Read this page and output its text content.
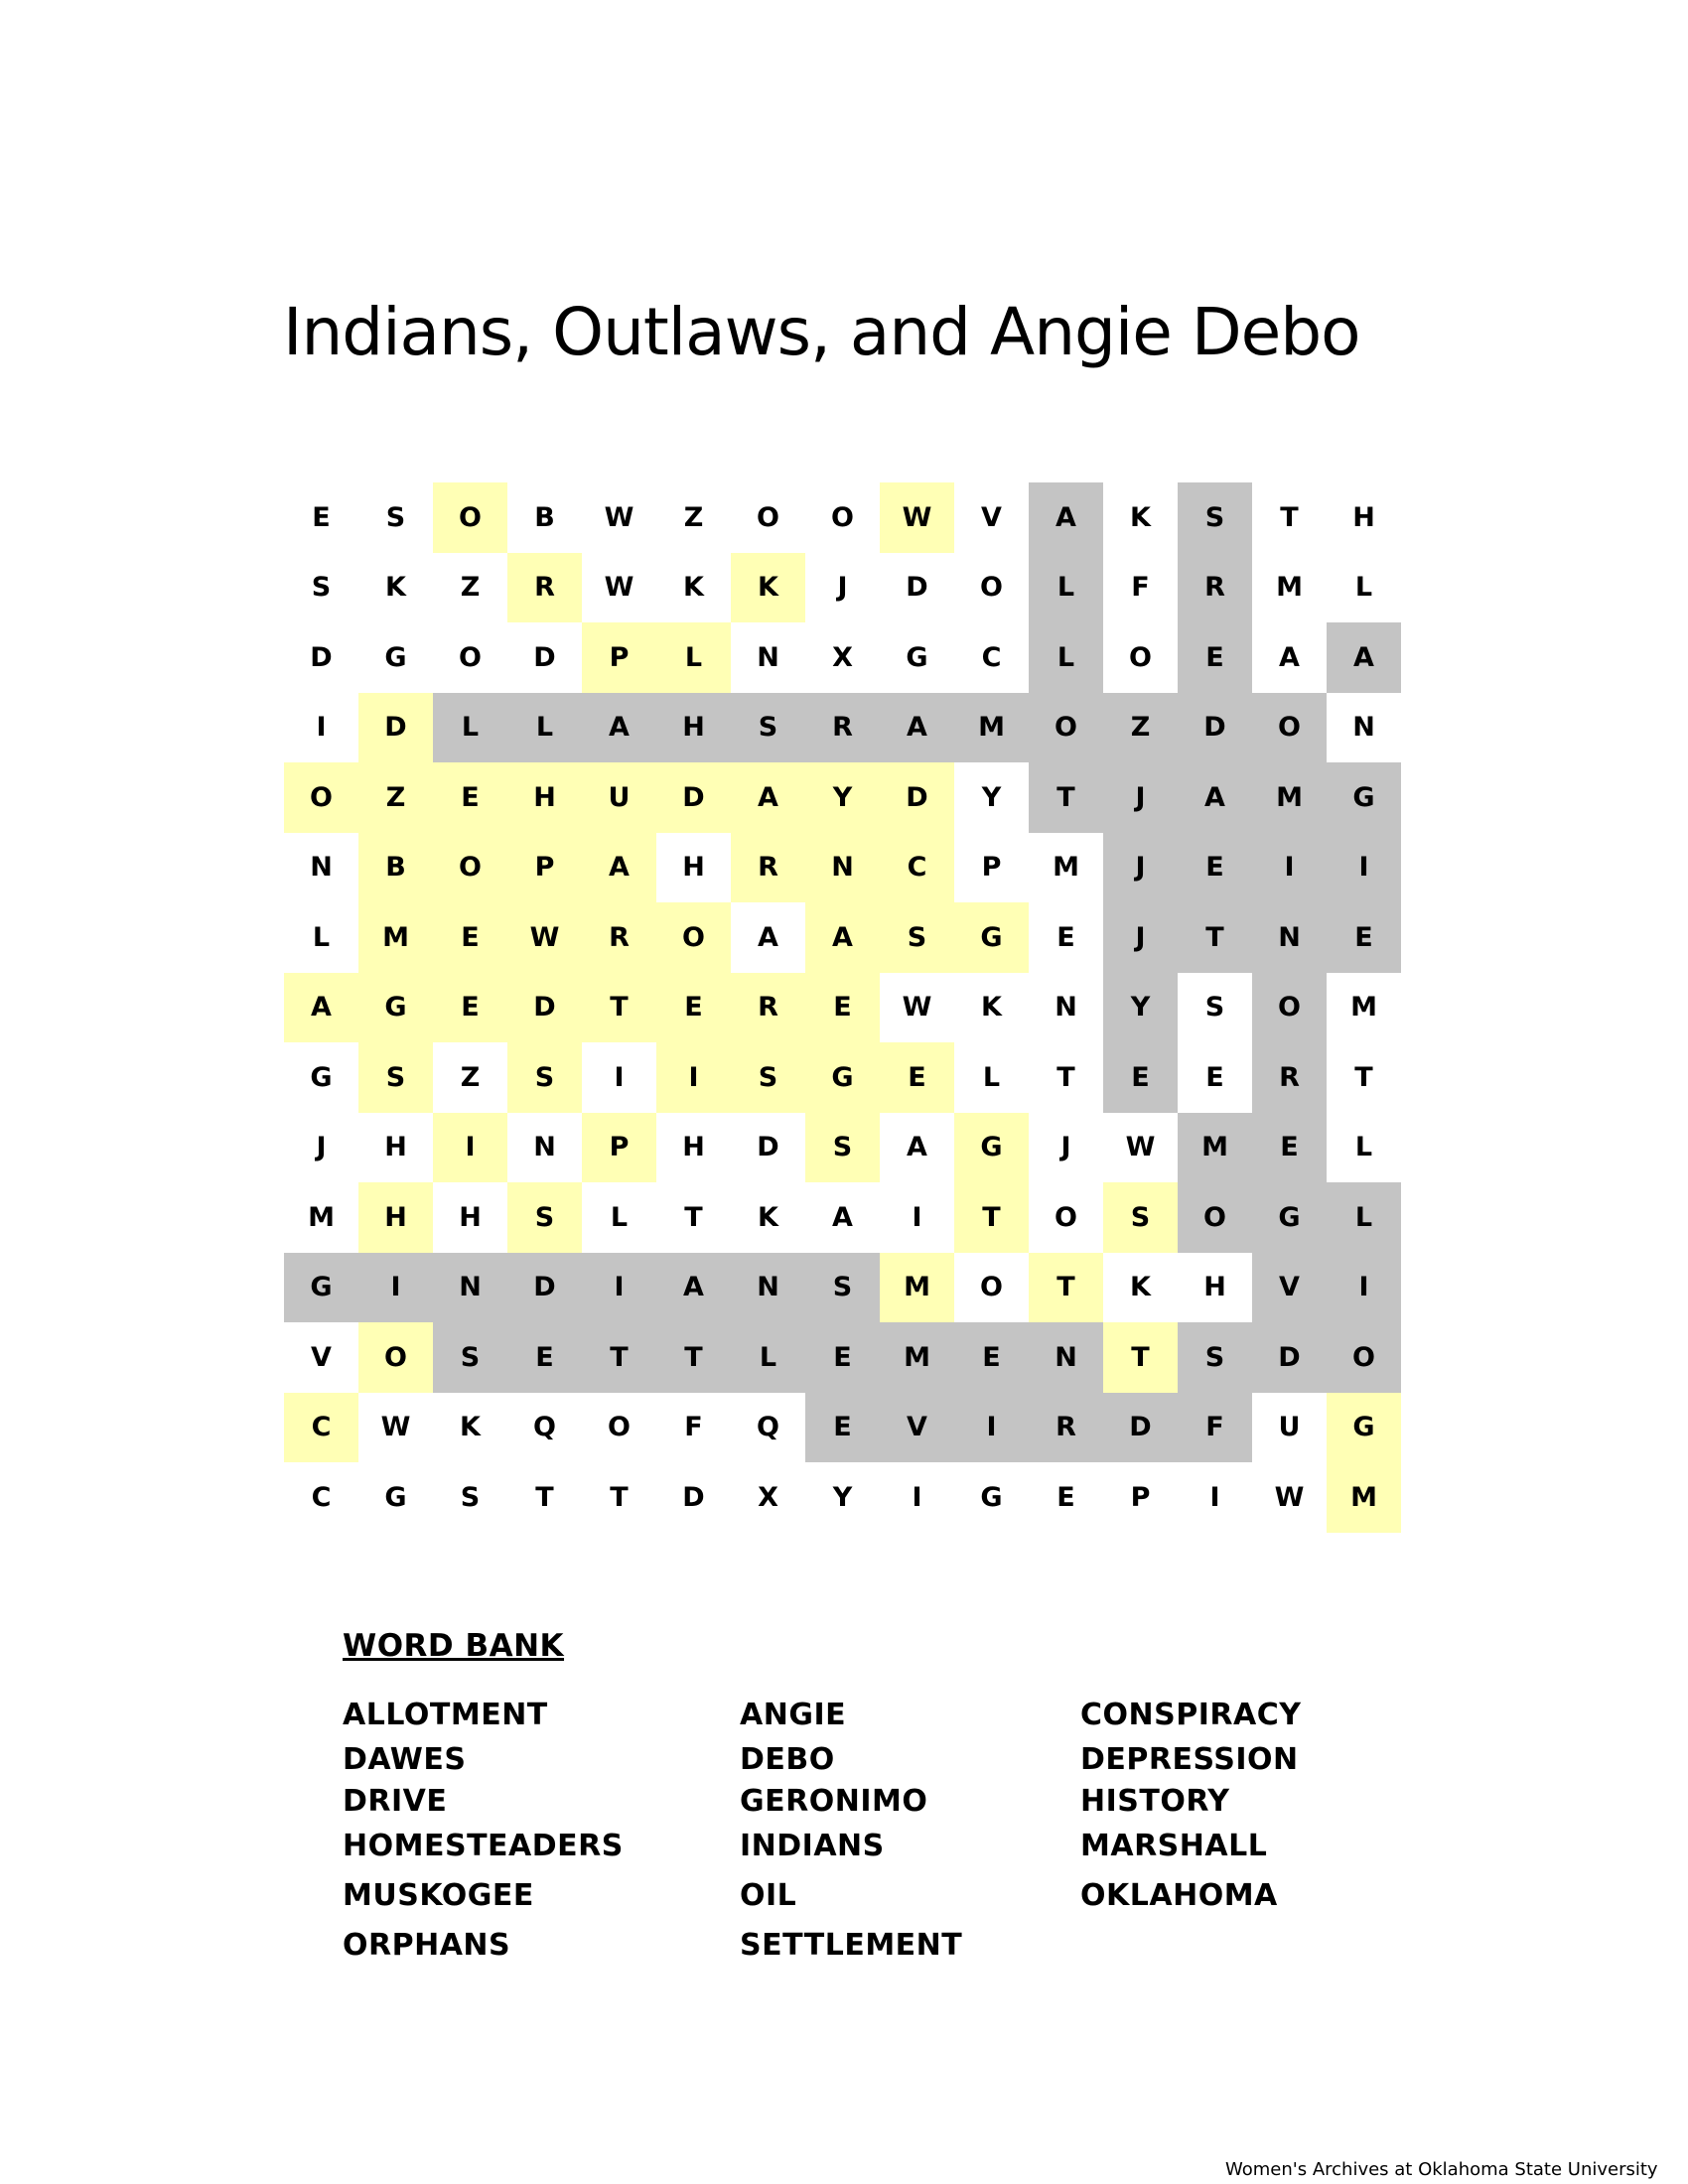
Indians, Outlaws, and Angie Debo
E	S	O	B	W	Z	O	O	W	V	A	K	S	T	H
S	K	Z	R	W	K	K	J	D	O	L	F	R	M	L
D	G	O	D	P	L	N	X	G	C	L	O	E	A	A
I	D	L	L	A	H	S	R	A	M	O	Z	D	O	N
O	Z	E	H	U	D	A	Y	D	Y	T	J	A	M	G
N	B	O	P	A	H	R	N	C	P	M	J	E	I	I
L	M	E	W	R	O	A	A	S	G	E	J	T	N	E
A	G	E	D	T	E	R	E	W	K	N	Y	S	O	M
G	S	Z	S	I	I	S	G	E	L	T	E	E	R	T
J	H	I	N	P	H	D	S	A	G	J	W	M	E	L
M	H	H	S	L	T	K	A	I	T	O	S	O	G	L
G	I	N	D	I	A	N	S	M	O	T	K	H	V	I
V	O	S	E	T	T	L	E	M	E	N	T	S	D	O
C	W	K	Q	O	F	Q	E	V	I	R	D	F	U	G
C	G	S	T	T	D	X	Y	I	G	E	P	I	W	M
WORD BANK
ALLOTMENT
DAWES
DRIVE
HOMESTEADERS
MUSKOGEE
ORPHANS
ANGIE
DEBO
GERONIMO
INDIANS
OIL
SETTLEMENT
CONSPIRACY
DEPRESSION
HISTORY
MARSHALL
OKLAHOMA
Women's Archives at Oklahoma State University
